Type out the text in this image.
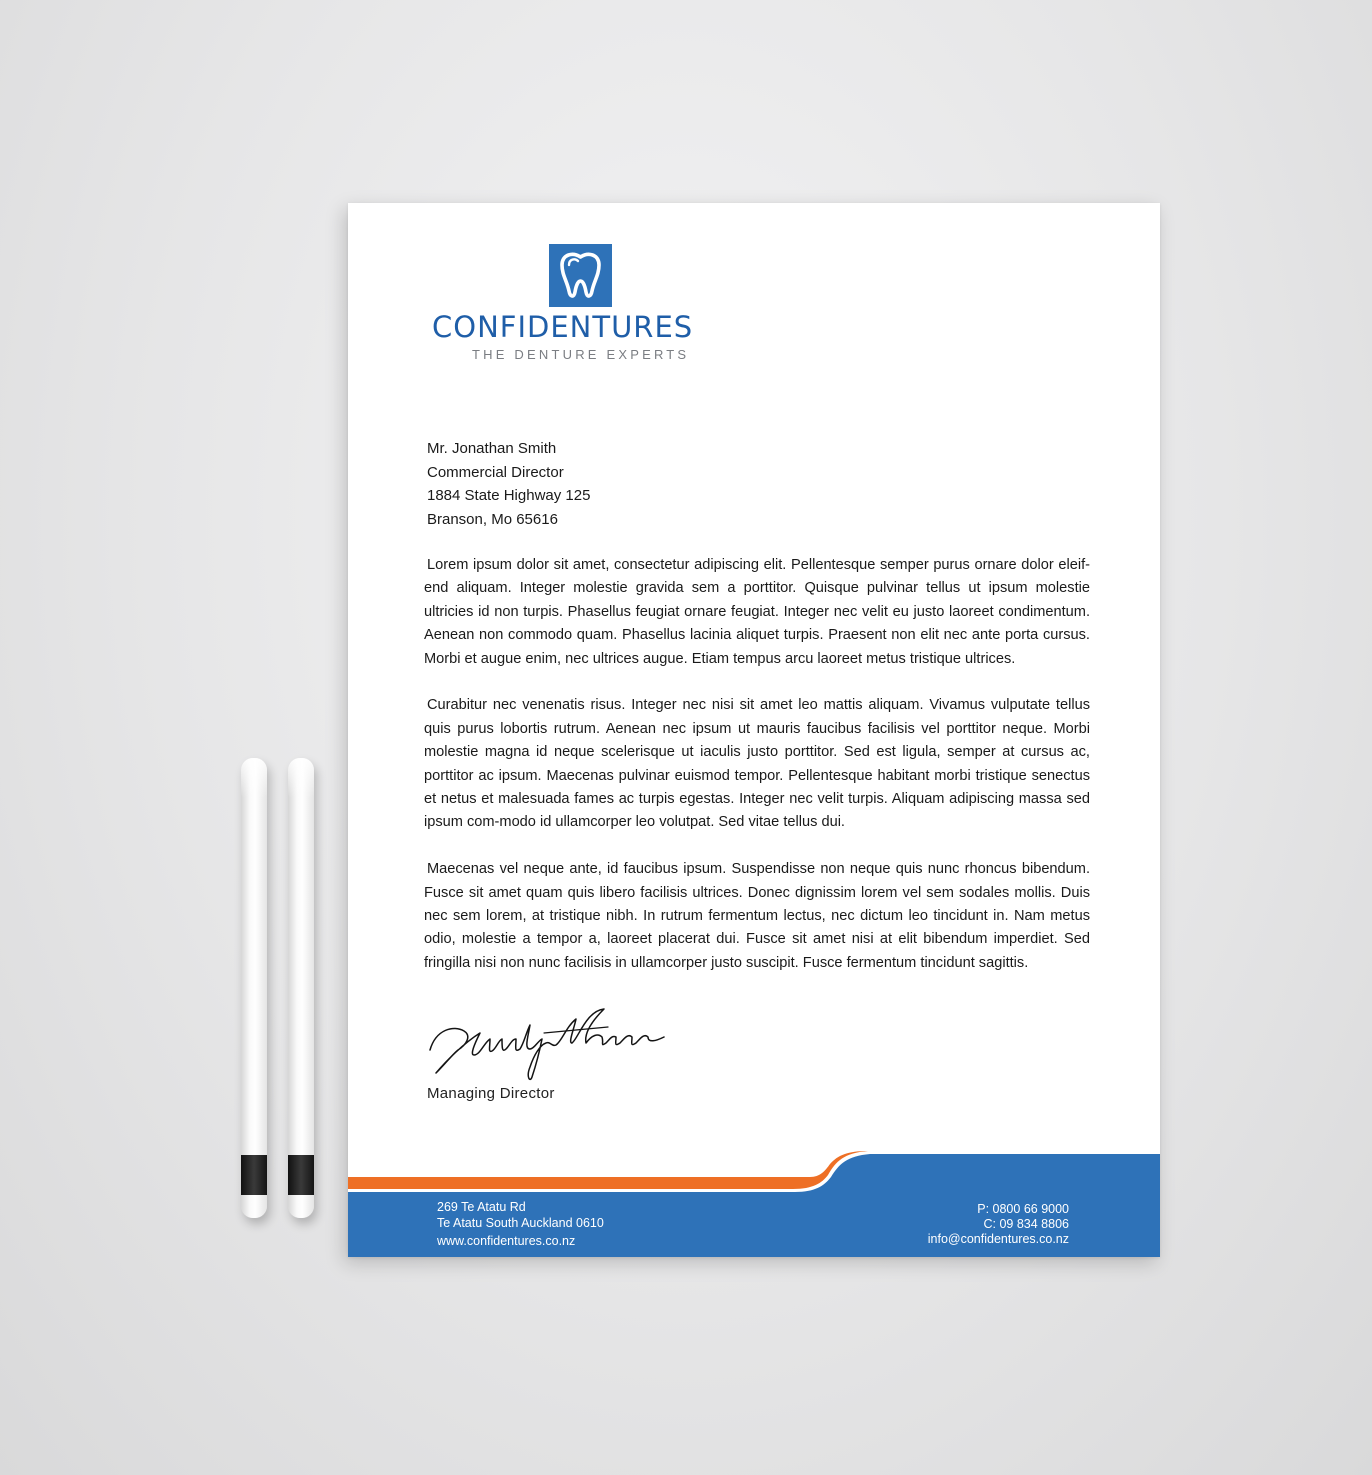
CONFIDENTURES
THE DENTURE EXPERTS
Mr. Jonathan Smith
Commercial Director
1884 State Highway 125
Branson, Mo 65616

Lorem ipsum dolor sit amet, consectetur adipiscing elit. Pellentesque semper purus ornare dolor eleif-end aliquam. Integer molestie gravida sem a porttitor. Quisque pulvinar tellus ut ipsum molestie ultricies id non turpis. Phasellus feugiat ornare feugiat. Integer nec velit eu justo laoreet condimentum. Aenean non commodo quam. Phasellus lacinia aliquet turpis. Praesent non elit nec ante porta cursus. Morbi et augue enim, nec ultrices augue. Etiam tempus arcu laoreet metus tristique ultrices.

Curabitur nec venenatis risus. Integer nec nisi sit amet leo mattis aliquam. Vivamus vulputate tellus quis purus lobortis rutrum. Aenean nec ipsum ut mauris faucibus facilisis vel porttitor neque. Morbi molestie magna id neque scelerisque ut iaculis justo porttitor. Sed est ligula, semper at cursus ac, porttitor ac ipsum. Maecenas pulvinar euismod tempor. Pellentesque habitant morbi tristique senectus et netus et malesuada fames ac turpis egestas. Integer nec velit turpis. Aliquam adipiscing massa sed ipsum com-modo id ullamcorper leo volutpat. Sed vitae tellus dui.

Maecenas vel neque ante, id faucibus ipsum. Suspendisse non neque quis nunc rhoncus bibendum. Fusce sit amet quam quis libero facilisis ultrices. Donec dignissim lorem vel sem sodales mollis. Duis nec sem lorem, at tristique nibh. In rutrum fermentum lectus, nec dictum leo tincidunt in. Nam metus odio, molestie a tempor a, laoreet placerat dui. Fusce sit amet nisi at elit bibendum imperdiet. Sed fringilla nisi non nunc facilisis in ullamcorper justo suscipit. Fusce fermentum tincidunt sagittis.

Managing Director
269 Te Atatu Rd
Te Atatu South Auckland 0610
www.confidentures.co.nz
P: 0800 66 9000
C: 09 834 8806
info@confidentures.co.nz
